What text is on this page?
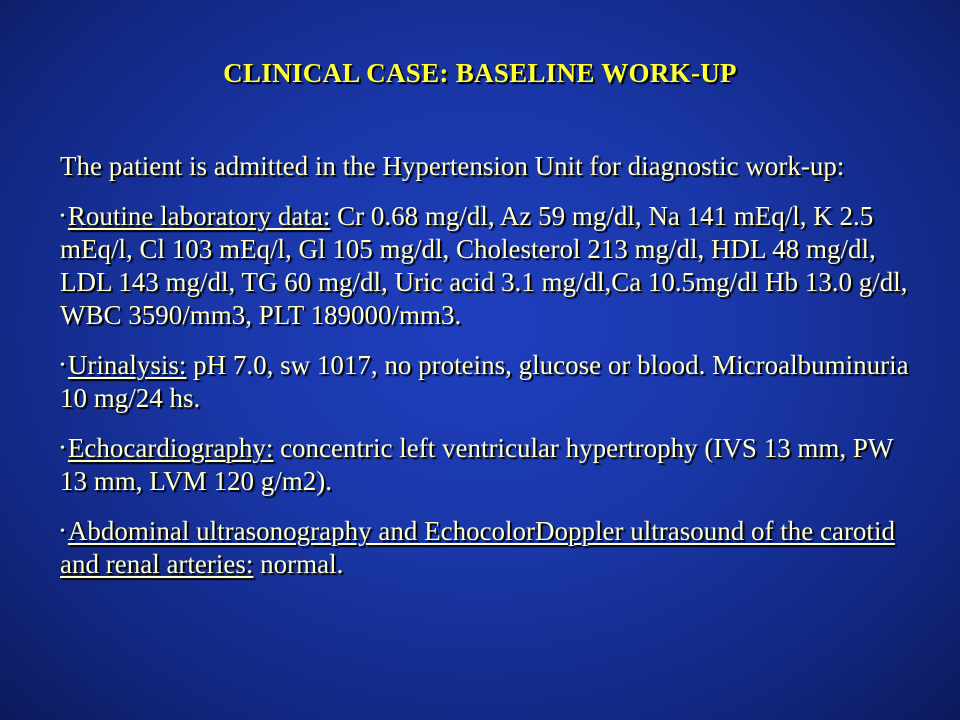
CLINICAL CASE: BASELINE WORK-UP

The patient is admitted in the Hypertension Unit for diagnostic work-up:

• Routine laboratory data: Cr 0.68 mg/dl, Az 59 mg/dl, Na 141 mEq/l, K 2.5 mEq/l, Cl 103 mEq/l, Gl 105 mg/dl, Cholesterol 213 mg/dl, HDL 48 mg/dl, LDL 143 mg/dl, TG 60 mg/dl, Uric acid 3.1 mg/dl,Ca 10.5mg/dl Hb 13.0 g/dl, WBC 3590/mm3, PLT 189000/mm3.

• Urinalysis: pH 7.0, sw 1017, no proteins, glucose or blood. Microalbuminuria 10 mg/24 hs.

• Echocardiography: concentric left ventricular hypertrophy (IVS 13 mm, PW 13 mm, LVM 120 g/m2).

• Abdominal ultrasonography and EchocolorDoppler ultrasound of the carotid and renal arteries: normal.
